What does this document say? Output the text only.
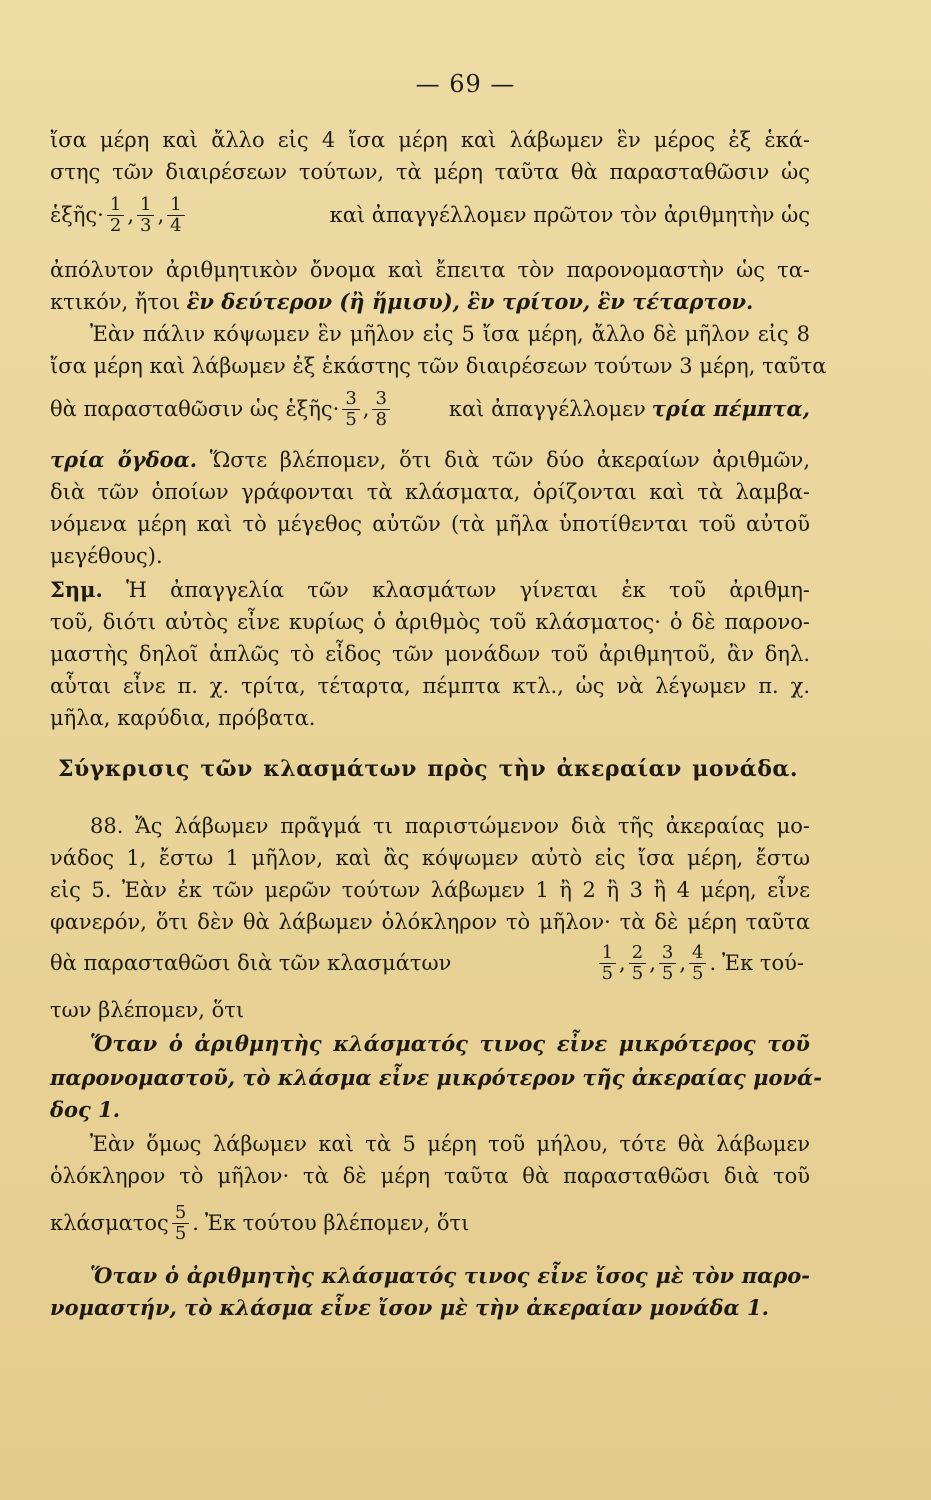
— 69 —
ἴσα μέρη καὶ ἄλλο εἰς 4 ἴσα μέρη καὶ λάβωμεν ἓν μέρος ἐξ ἑκά-
στης τῶν διαιρέσεων τούτων, τὰ μέρη ταῦτα θὰ παρασταθῶσιν ὡς
ἑξῆς· $\frac{1}{2}$ , $\frac{1}{3}$ , $\frac{1}{4}$	καὶ ἀπαγγέλλομεν πρῶτον τὸν ἀριθμητὴν ὡς
ἀπόλυτον ἀριθμητικὸν ὄνομα καὶ ἔπειτα τὸν παρονομαστὴν ὡς τα-
κτικόν, ἤτοι ἓν δεύτερον (ἢ ἥμισυ), ἓν τρίτον, ἓν τέταρτον.
Ἐὰν πάλιν κόψωμεν ἓν μῆλον εἰς 5 ἴσα μέρη, ἄλλο δὲ μῆλον εἰς 8
ἴσα μέρη καὶ λάβωμεν ἐξ ἑκάστης τῶν διαιρέσεων τούτων 3 μέρη, ταῦτα
θὰ παρασταθῶσιν ὡς ἑξῆς· $\frac{3}{5}$ , $\frac{3}{8}$	καὶ ἀπαγγέλλομεν τρία πέμπτα,
τρία ὄγδοα. Ὥστε βλέπομεν, ὅτι διὰ τῶν δύο ἀκεραίων ἀριθμῶν,
διὰ τῶν ὁποίων γράφονται τὰ κλάσματα, ὁρίζονται καὶ τὰ λαμβα-
νόμενα μέρη καὶ τὸ μέγεθος αὐτῶν (τὰ μῆλα ὑποτίθενται τοῦ αὐτοῦ
μεγέθους).
Σημ. Ἡ ἀπαγγελία τῶν κλασμάτων γίνεται ἐκ τοῦ ἀριθμη-
τοῦ, διότι αὐτὸς εἶνε κυρίως ὁ ἀριθμὸς τοῦ κλάσματος· ὁ δὲ παρονο-
μαστὴς δηλοῖ ἁπλῶς τὸ εἶδος τῶν μονάδων τοῦ ἀριθμητοῦ, ἂν δηλ.
αὗται εἶνε π. χ. τρίτα, τέταρτα, πέμπτα κτλ., ὡς νὰ λέγωμεν π. χ.
μῆλα, καρύδια, πρόβατα.
Σύγκρισις τῶν κλασμάτων πρὸς τὴν ἀκεραίαν μονάδα.
88. Ἄς λάβωμεν πρᾶγμά τι παριστώμενον διὰ τῆς ἀκεραίας μο-
νάδος 1, ἔστω 1 μῆλον, καὶ ἂς κόψωμεν αὐτὸ εἰς ἴσα μέρη, ἔστω
εἰς 5. Ἐὰν ἐκ τῶν μερῶν τούτων λάβωμεν 1 ἢ 2 ἢ 3 ἢ 4 μέρη, εἶνε
φανερόν, ὅτι δὲν θὰ λάβωμεν ὁλόκληρον τὸ μῆλον· τὰ δὲ μέρη ταῦτα
θὰ παρασταθῶσι διὰ τῶν κλασμάτων	$\frac{1}{5}$ , $\frac{2}{5}$ , $\frac{3}{5}$ , $\frac{4}{5}$ . Ἐκ τού-
των βλέπομεν, ὅτι
Ὅταν ὁ ἀριθμητὴς κλάσματός τινος εἶνε μικρότερος τοῦ
παρονομαστοῦ, τὸ κλάσμα εἶνε μικρότερον τῆς ἀκεραίας μονά-
δος 1.
Ἐὰν ὅμως λάβωμεν καὶ τὰ 5 μέρη τοῦ μήλου, τότε θὰ λάβωμεν
ὁλόκληρον τὸ μῆλον· τὰ δὲ μέρη ταῦτα θὰ παρασταθῶσι διὰ τοῦ
κλάσματος $\frac{5}{5}$ . Ἐκ τούτου βλέπομεν, ὅτι
Ὅταν ὁ ἀριθμητὴς κλάσματός τινος εἶνε ἴσος μὲ τὸν παρο-
νομαστήν, τὸ κλάσμα εἶνε ἴσον μὲ τὴν ἀκεραίαν μονάδα 1.
